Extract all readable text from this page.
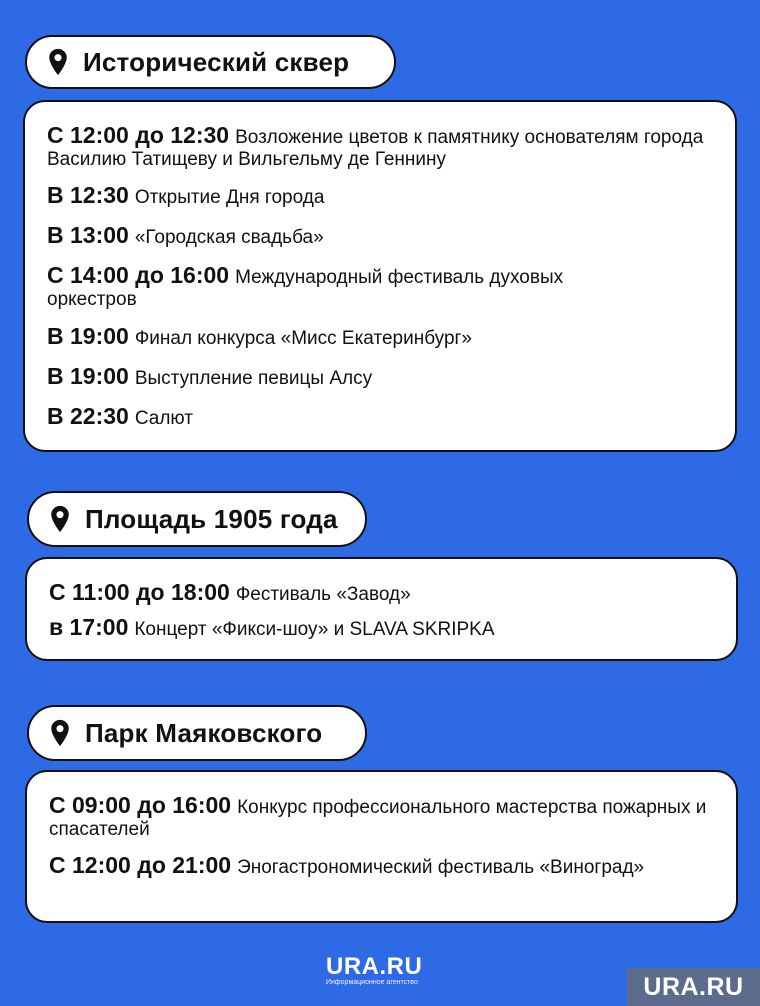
Исторический сквер
С 12:00 до 12:30 Возложение цветов к памятнику основателям города Василию Татищеву и Вильгельму де Геннину
В 12:30 Открытие Дня города
В 13:00 «Городская свадьба»
С 14:00 до 16:00 Международный фестиваль духовых оркестров
В 19:00 Финал конкурса «Мисс Екатеринбург»
В 19:00 Выступление певицы Алсу
В 22:30 Салют
Площадь 1905 года
С 11:00 до 18:00 Фестиваль «Завод»
в 17:00 Концерт «Фикси-шоу» и SLAVA SKRIPKA
Парк Маяковского
С 09:00 до 16:00 Конкурс профессионального мастерства пожарных и спасателей
С 12:00 до 21:00 Эногастрономический фестиваль «Виноград»
URA.RU
Информационное агентство	URA.RU
